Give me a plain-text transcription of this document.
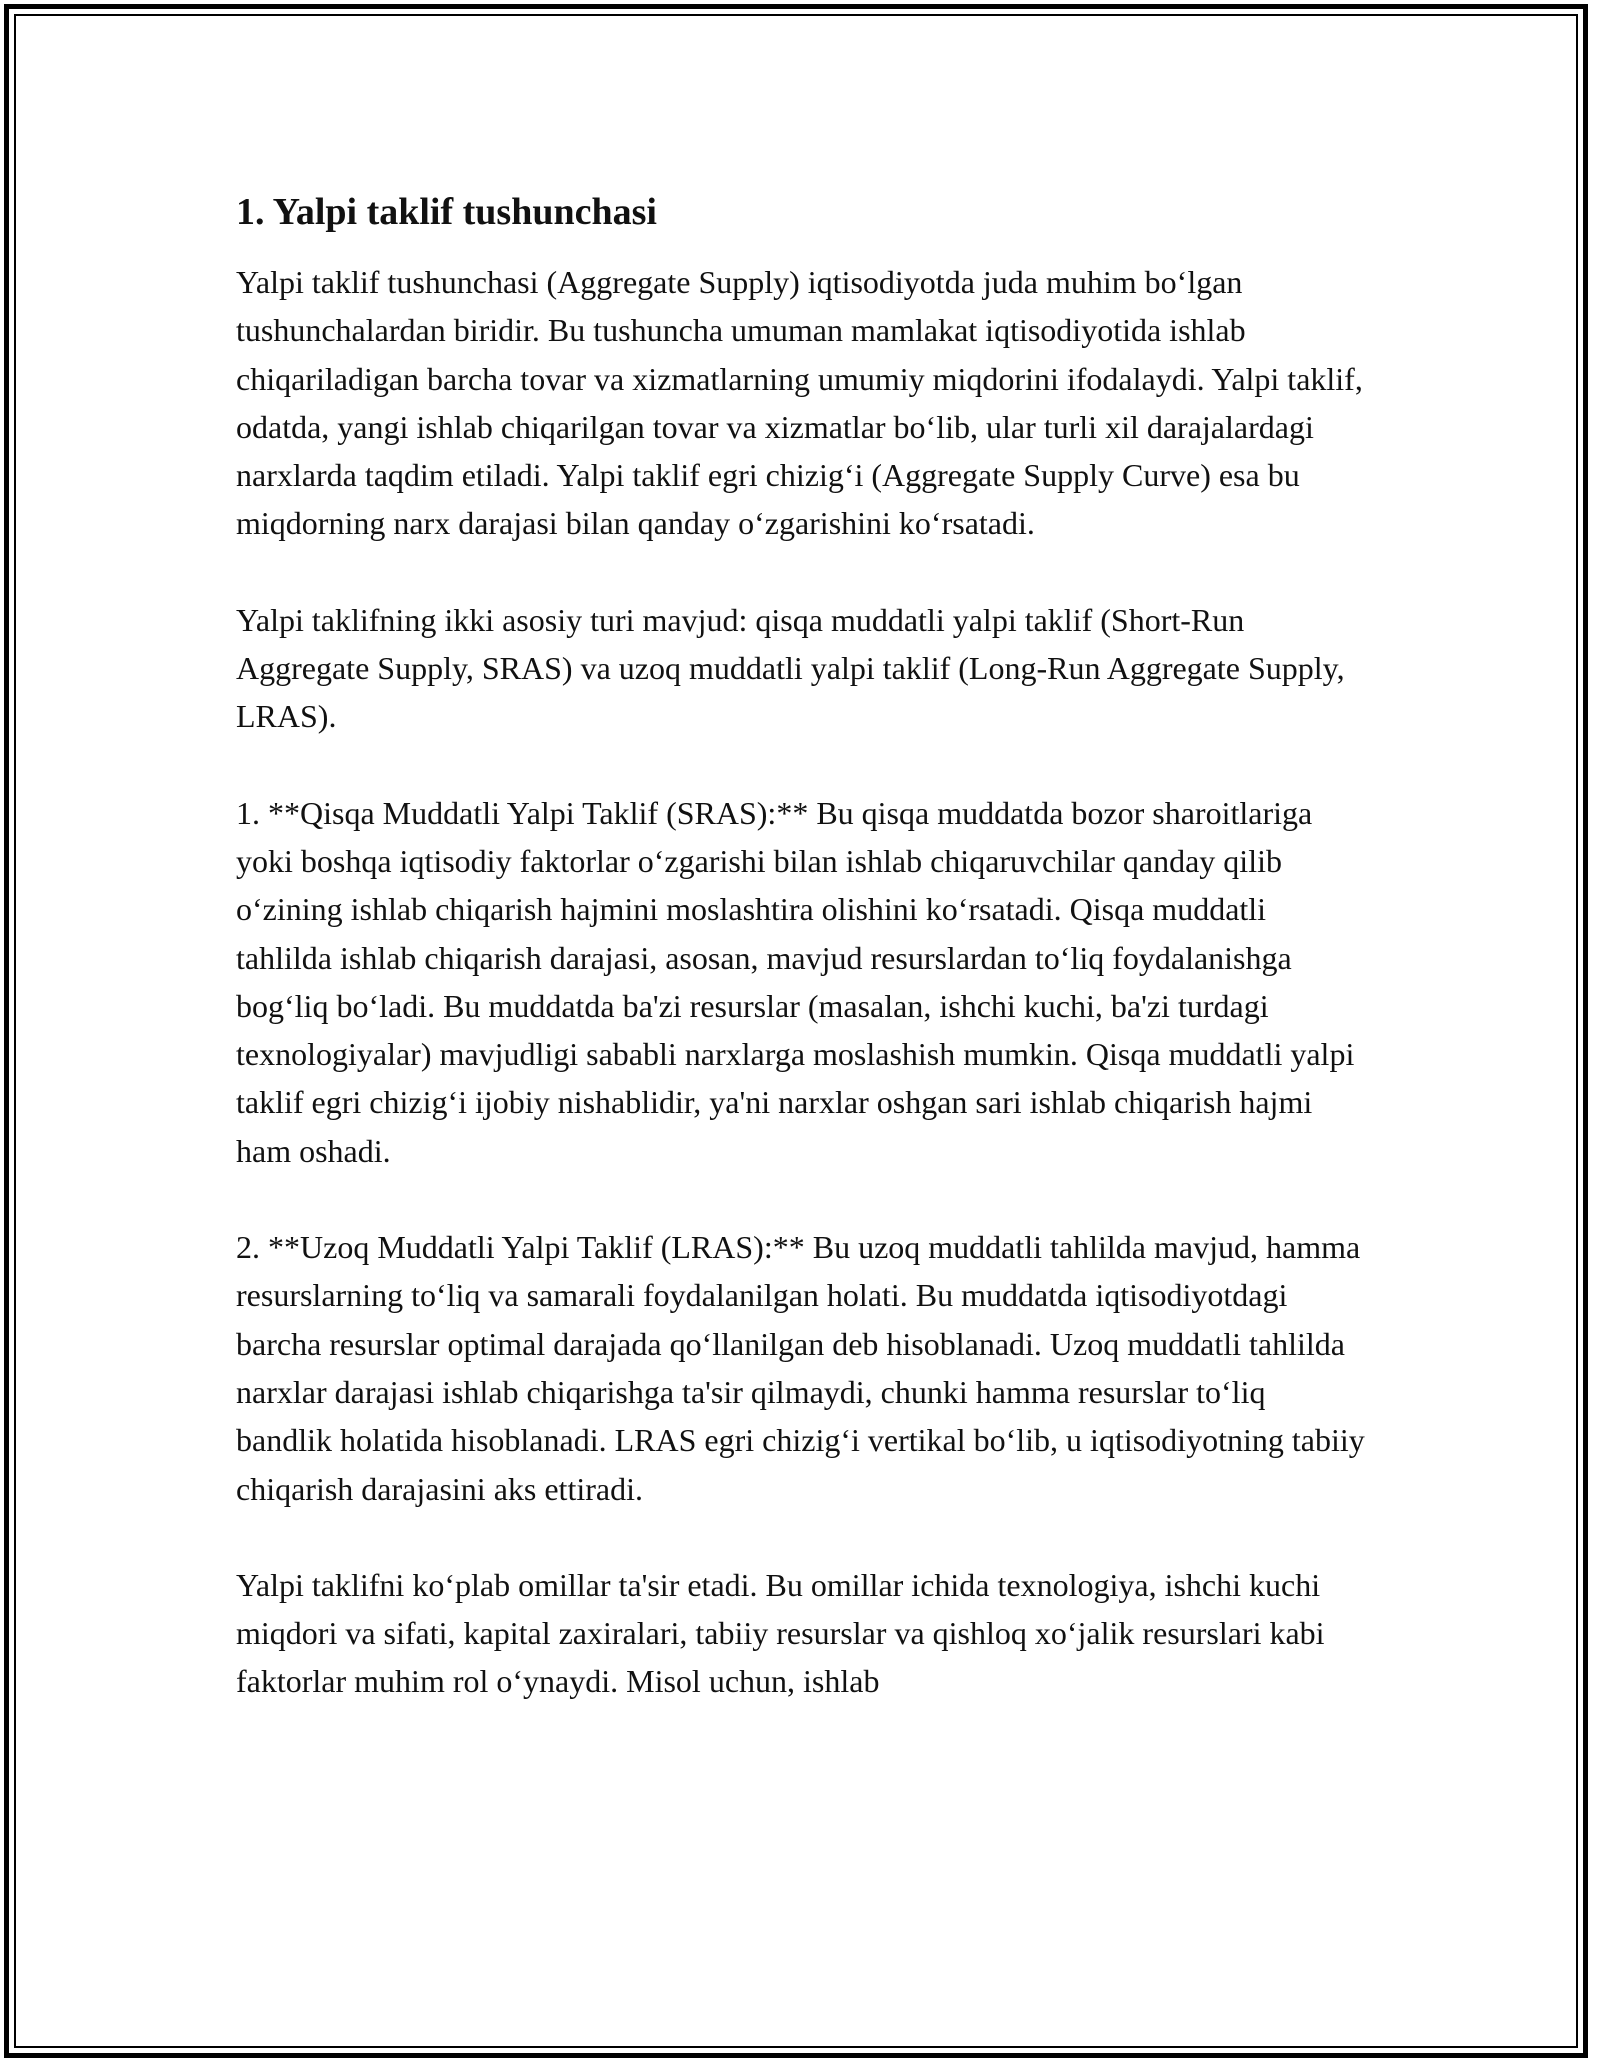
1. Yalpi taklif tushunchasi

Yalpi taklif tushunchasi (Aggregate Supply) iqtisodiyotda juda muhim bo‘lgan tushunchalardan biridir. Bu tushuncha umuman mamlakat iqtisodiyotida ishlab chiqariladigan barcha tovar va xizmatlarning umumiy miqdorini ifodalaydi. Yalpi taklif, odatda, yangi ishlab chiqarilgan tovar va xizmatlar bo‘lib, ular turli xil darajalardagi narxlarda taqdim etiladi. Yalpi taklif egri chizig‘i (Aggregate Supply Curve) esa bu miqdorning narx darajasi bilan qanday o‘zgarishini ko‘rsatadi.

Yalpi taklifning ikki asosiy turi mavjud: qisqa muddatli yalpi taklif (Short-Run Aggregate Supply, SRAS) va uzoq muddatli yalpi taklif (Long-Run Aggregate Supply, LRAS).

1. **Qisqa Muddatli Yalpi Taklif (SRAS):** Bu qisqa muddatda bozor sharoitlariga yoki boshqa iqtisodiy faktorlar o‘zgarishi bilan ishlab chiqaruvchilar qanday qilib o‘zining ishlab chiqarish hajmini moslashtira olishini ko‘rsatadi. Qisqa muddatli tahlilda ishlab chiqarish darajasi, asosan, mavjud resurslardan to‘liq foydalanishga bog‘liq bo‘ladi. Bu muddatda ba'zi resurslar (masalan, ishchi kuchi, ba'zi turdagi texnologiyalar) mavjudligi sababli narxlarga moslashish mumkin. Qisqa muddatli yalpi taklif egri chizig‘i ijobiy nishablidir, ya'ni narxlar oshgan sari ishlab chiqarish hajmi ham oshadi.

2. **Uzoq Muddatli Yalpi Taklif (LRAS):** Bu uzoq muddatli tahlilda mavjud, hamma resurslarning to‘liq va samarali foydalanilgan holati. Bu muddatda iqtisodiyotdagi barcha resurslar optimal darajada qo‘llanilgan deb hisoblanadi. Uzoq muddatli tahlilda narxlar darajasi ishlab chiqarishga ta'sir qilmaydi, chunki hamma resurslar to‘liq bandlik holatida hisoblanadi. LRAS egri chizig‘i vertikal bo‘lib, u iqtisodiyotning tabiiy chiqarish darajasini aks ettiradi.

Yalpi taklifni ko‘plab omillar ta'sir etadi. Bu omillar ichida texnologiya, ishchi kuchi miqdori va sifati, kapital zaxiralari, tabiiy resurslar va qishloq xo‘jalik resurslari kabi faktorlar muhim rol o‘ynaydi. Misol uchun, ishlab
